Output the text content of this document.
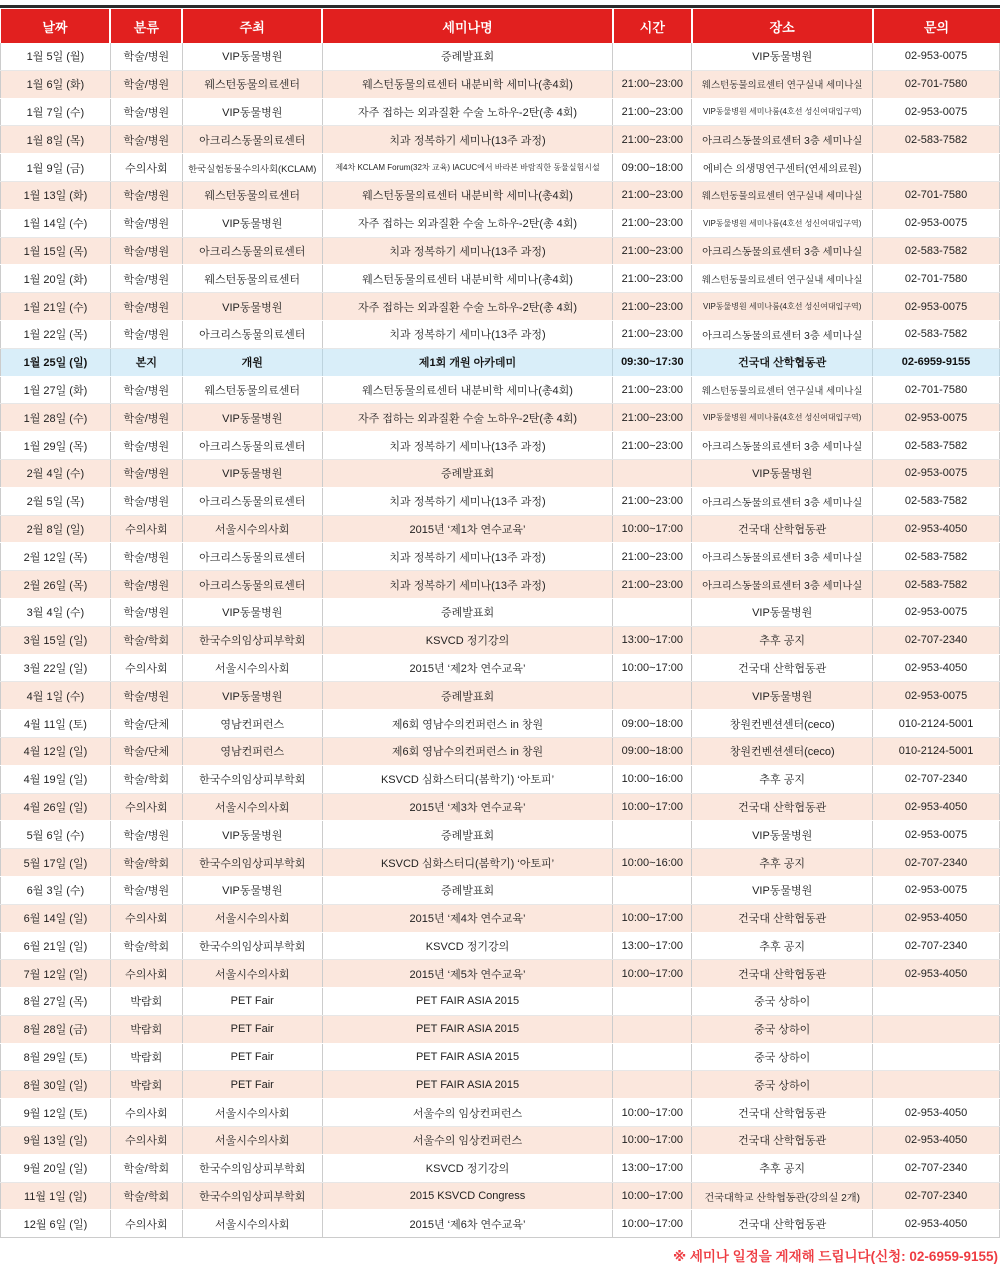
날짜	분류	주최	세미나명	시간	장소	문의
1월 5일 (월)	학술/병원	VIP동물병원	증례발표회		VIP동물병원	02-953-0075
1월 6일 (화)	학술/병원	웨스턴동물의료센터	웨스턴동물의료센터 내분비학 세미나(총4회)	21:00~23:00	웨스턴동물의료센터 연구실내 세미나실	02-701-7580
1월 7일 (수)	학술/병원	VIP동물병원	자주 접하는 외과질환 수술 노하우-2탄(총 4회)	21:00~23:00	VIP동물병원 세미나룸(4호선 성신여대입구역)	02-953-0075
1월 8일 (목)	학술/병원	아크리스동물의료센터	치과 정복하기 세미나(13주 과정)	21:00~23:00	아크리스동물의료센터 3층 세미나실	02-583-7582
1월 9일 (금)	수의사회	한국실험동물수의사회(KCLAM)	제4차 KCLAM Forum(32차 교육) IACUC에서 바라본 바람직한 동물실험시설	09:00~18:00	에비슨 의생명연구센터(연세의료원)	
1월 13일 (화)	학술/병원	웨스턴동물의료센터	웨스턴동물의료센터 내분비학 세미나(총4회)	21:00~23:00	웨스턴동물의료센터 연구실내 세미나실	02-701-7580
1월 14일 (수)	학술/병원	VIP동물병원	자주 접하는 외과질환 수술 노하우-2탄(총 4회)	21:00~23:00	VIP동물병원 세미나룸(4호선 성신여대입구역)	02-953-0075
1월 15일 (목)	학술/병원	아크리스동물의료센터	치과 정복하기 세미나(13주 과정)	21:00~23:00	아크리스동물의료센터 3층 세미나실	02-583-7582
1월 20일 (화)	학술/병원	웨스턴동물의료센터	웨스턴동물의료센터 내분비학 세미나(총4회)	21:00~23:00	웨스턴동물의료센터 연구실내 세미나실	02-701-7580
1월 21일 (수)	학술/병원	VIP동물병원	자주 접하는 외과질환 수술 노하우-2탄(총 4회)	21:00~23:00	VIP동물병원 세미나룸(4호선 성신여대입구역)	02-953-0075
1월 22일 (목)	학술/병원	아크리스동물의료센터	치과 정복하기 세미나(13주 과정)	21:00~23:00	아크리스동물의료센터 3층 세미나실	02-583-7582
1월 25일 (일)	본지	개원	제1회 개원 아카데미	09:30~17:30	건국대 산학협동관	02-6959-9155
1월 27일 (화)	학술/병원	웨스턴동물의료센터	웨스턴동물의료센터 내분비학 세미나(총4회)	21:00~23:00	웨스턴동물의료센터 연구실내 세미나실	02-701-7580
1월 28일 (수)	학술/병원	VIP동물병원	자주 접하는 외과질환 수술 노하우-2탄(총 4회)	21:00~23:00	VIP동물병원 세미나룸(4호선 성신여대입구역)	02-953-0075
1월 29일 (목)	학술/병원	아크리스동물의료센터	치과 정복하기 세미나(13주 과정)	21:00~23:00	아크리스동물의료센터 3층 세미나실	02-583-7582
2월 4일 (수)	학술/병원	VIP동물병원	증례발표회		VIP동물병원	02-953-0075
2월 5일 (목)	학술/병원	아크리스동물의료센터	치과 정복하기 세미나(13주 과정)	21:00~23:00	아크리스동물의료센터 3층 세미나실	02-583-7582
2월 8일 (일)	수의사회	서울시수의사회	2015년 ‘제1차 연수교육’	10:00~17:00	건국대 산학협동관	02-953-4050
2월 12일 (목)	학술/병원	아크리스동물의료센터	치과 정복하기 세미나(13주 과정)	21:00~23:00	아크리스동물의료센터 3층 세미나실	02-583-7582
2월 26일 (목)	학술/병원	아크리스동물의료센터	치과 정복하기 세미나(13주 과정)	21:00~23:00	아크리스동물의료센터 3층 세미나실	02-583-7582
3월 4일 (수)	학술/병원	VIP동물병원	증례발표회		VIP동물병원	02-953-0075
3월 15일 (일)	학술/학회	한국수의임상피부학회	KSVCD 정기강의	13:00~17:00	추후 공지	02-707-2340
3월 22일 (일)	수의사회	서울시수의사회	2015년 ‘제2차 연수교육’	10:00~17:00	건국대 산학협동관	02-953-4050
4월 1일 (수)	학술/병원	VIP동물병원	증례발표회		VIP동물병원	02-953-0075
4월 11일 (토)	학술/단체	영남컨퍼런스	제6회 영남수의컨퍼런스 in 창원	09:00~18:00	창원컨벤션센터(ceco)	010-2124-5001
4월 12일 (일)	학술/단체	영남컨퍼런스	제6회 영남수의컨퍼런스 in 창원	09:00~18:00	창원컨벤션센터(ceco)	010-2124-5001
4월 19일 (일)	학술/학회	한국수의임상피부학회	KSVCD 심화스터디(봄학기) ‘아토피’	10:00~16:00	추후 공지	02-707-2340
4월 26일 (일)	수의사회	서울시수의사회	2015년 ‘제3차 연수교육’	10:00~17:00	건국대 산학협동관	02-953-4050
5월 6일 (수)	학술/병원	VIP동물병원	증례발표회		VIP동물병원	02-953-0075
5월 17일 (일)	학술/학회	한국수의임상피부학회	KSVCD 심화스터디(봄학기) ‘아토피’	10:00~16:00	추후 공지	02-707-2340
6월 3일 (수)	학술/병원	VIP동물병원	증례발표회		VIP동물병원	02-953-0075
6월 14일 (일)	수의사회	서울시수의사회	2015년 ‘제4차 연수교육’	10:00~17:00	건국대 산학협동관	02-953-4050
6월 21일 (일)	학술/학회	한국수의임상피부학회	KSVCD 정기강의	13:00~17:00	추후 공지	02-707-2340
7월 12일 (일)	수의사회	서울시수의사회	2015년 ‘제5차 연수교육’	10:00~17:00	건국대 산학협동관	02-953-4050
8월 27일 (목)	박람회	PET Fair	PET FAIR ASIA 2015		중국 상하이	
8월 28일 (금)	박람회	PET Fair	PET FAIR ASIA 2015		중국 상하이	
8월 29일 (토)	박람회	PET Fair	PET FAIR ASIA 2015		중국 상하이	
8월 30일 (일)	박람회	PET Fair	PET FAIR ASIA 2015		중국 상하이	
9월 12일 (토)	수의사회	서울시수의사회	서울수의 임상컨퍼런스	10:00~17:00	건국대 산학협동관	02-953-4050
9월 13일 (일)	수의사회	서울시수의사회	서울수의 임상컨퍼런스	10:00~17:00	건국대 산학협동관	02-953-4050
9월 20일 (일)	학술/학회	한국수의임상피부학회	KSVCD 정기강의	13:00~17:00	추후 공지	02-707-2340
11월 1일 (일)	학술/학회	한국수의임상피부학회	2015 KSVCD Congress	10:00~17:00	건국대학교 산학협동관(강의실 2개)	02-707-2340
12월 6일 (일)	수의사회	서울시수의사회	2015년 ‘제6차 연수교육’	10:00~17:00	건국대 산학협동관	02-953-4050
※ 세미나 일정을 게재해 드립니다(신청: 02-6959-9155)
